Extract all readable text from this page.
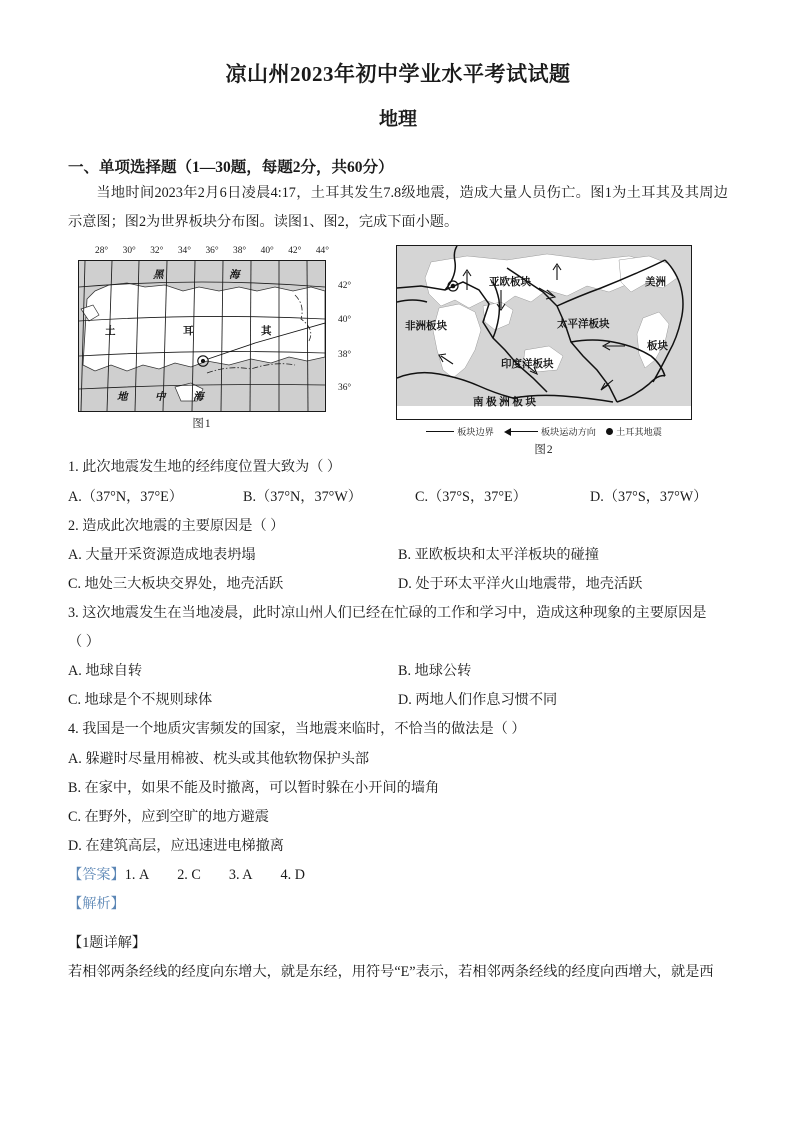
凉山州2023年初中学业水平考试试题
地理
一、单项选择题（1—30题，每题2分，共60分）

当地时间2023年2月6日凌晨4:17，土耳其发生7.8级地震，造成大量人员伤亡。图1为土耳其及其周边示意图；图2为世界板块分布图。读图1、图2，完成下面小题。

28° 30° 32° 34° 36° 38° 40° 42° 44°
土	耳	其
黑	海
地	中	海
42°
40°
38°
36°
图1
亚欧板块
非洲板块	太平洋板块
印度洋板块
美洲
板块
南 极 洲 板 块
板块边界	板块运动方向 土耳其地震
图2

1. 此次地震发生地的经纬度位置大致为（ ）

A.（37°N，37°E）	B.（37°N，37°W）	C.（37°S，37°E）	D.（37°S，37°W）

2. 造成此次地震的主要原因是（ ）

A. 大量开采资源造成地表坍塌	B. 亚欧板块和太平洋板块的碰撞
C. 地处三大板块交界处，地壳活跃	D. 处于环太平洋火山地震带，地壳活跃

3. 这次地震发生在当地凌晨，此时凉山州人们已经在忙碌的工作和学习中，造成这种现象的主要原因是

（ ）

A. 地球自转	B. 地球公转
C. 地球是个不规则球体	D. 两地人们作息习惯不同

4. 我国是一个地质灾害频发的国家，当地震来临时，不恰当的做法是（ ）

A. 躲避时尽量用棉被、枕头或其他软物保护头部
B. 在家中，如果不能及时撤离，可以暂时躲在小开间的墙角
C. 在野外，应到空旷的地方避震
D. 在建筑高层，应迅速进电梯撤离
【答案】1. A 2. C 3. A 4. D
【解析】
【1题详解】

若相邻两条经线的经度向东增大，就是东经，用符号“E”表示，若相邻两条经线的经度向西增大，就是西
